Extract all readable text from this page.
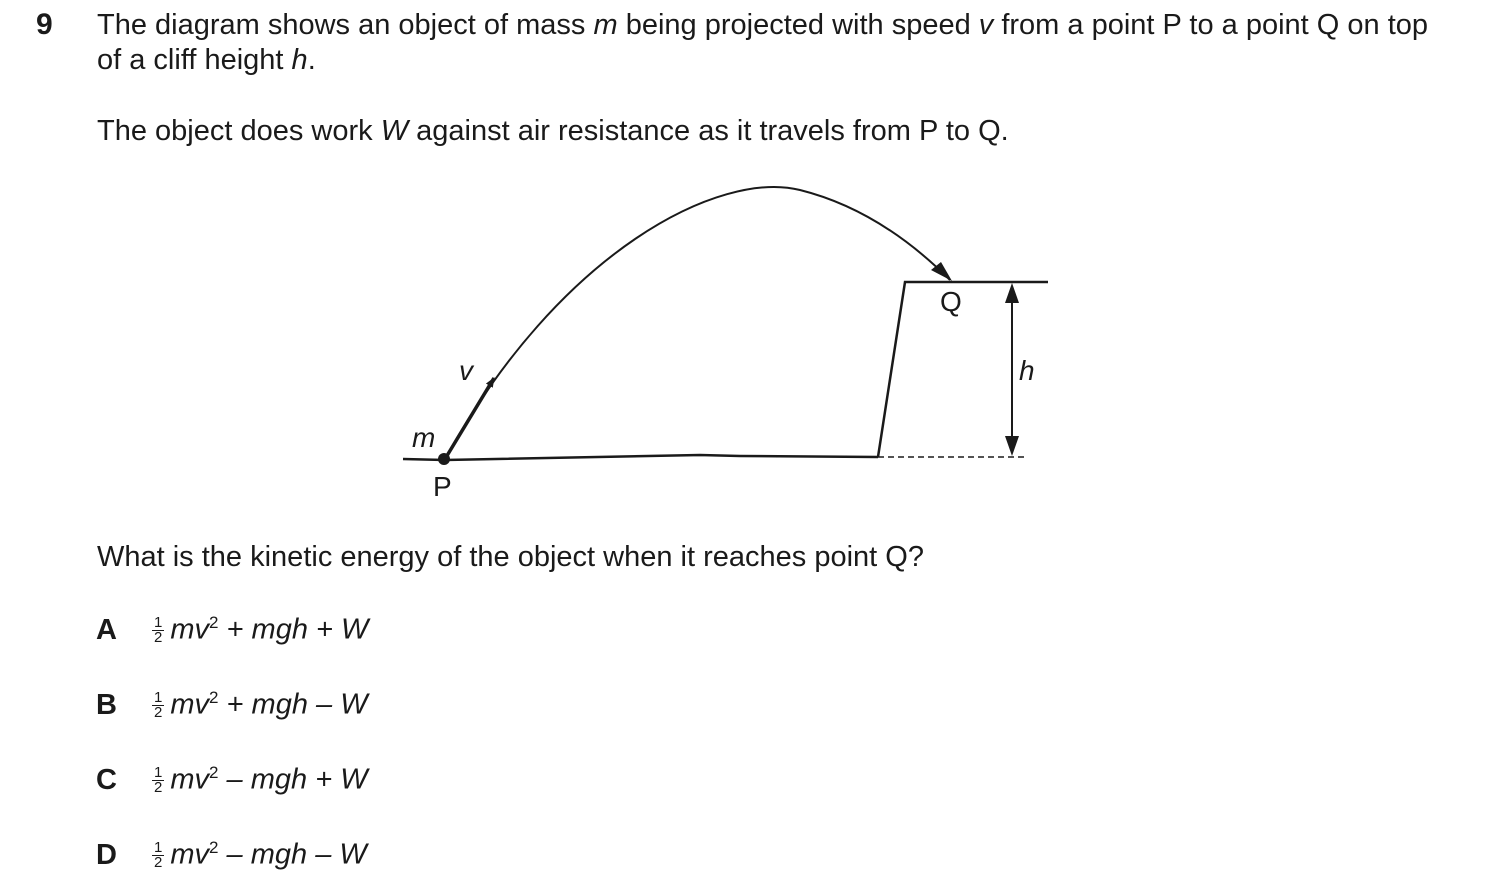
9 The diagram shows an object of mass m being projected with speed v from a point P to a point Q on top of a cliff height h.

The object does work W against air resistance as it travels from P to Q.

m
v
P
Q
h

What is the kinetic energy of the object when it reaches point Q?

A	$\frac{1}{2} mv^2$ + mgh + W
B	$\frac{1}{2} mv^2$ + mgh – W
C	$\frac{1}{2} mv^2$ – mgh + W
D	$\frac{1}{2} mv^2$ – mgh – W
